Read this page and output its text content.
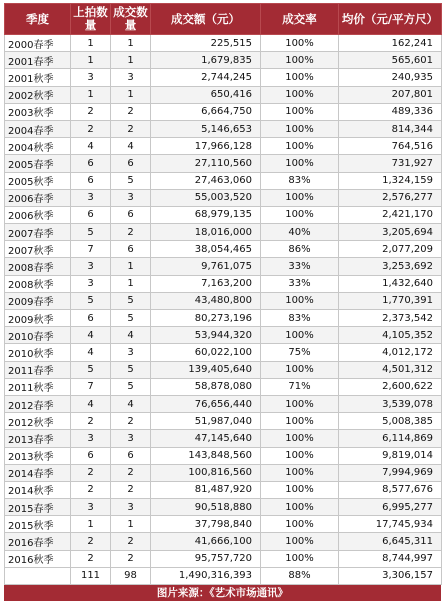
季度	上拍数量	成交数量	成交额（元）	成交率	均价（元/平方尺）
2000春季	1	1	225,515	100%	162,241
2001春季	1	1	1,679,835	100%	565,601
2001秋季	3	3	2,744,245	100%	240,935
2002秋季	1	1	650,416	100%	207,801
2003秋季	2	2	6,664,750	100%	489,336
2004春季	2	2	5,146,653	100%	814,344
2004秋季	4	4	17,966,128	100%	764,516
2005春季	6	6	27,110,560	100%	731,927
2005秋季	6	5	27,463,060	83%	1,324,159
2006春季	3	3	55,003,520	100%	2,576,277
2006秋季	6	6	68,979,135	100%	2,421,170
2007春季	5	2	18,016,000	40%	3,205,694
2007秋季	7	6	38,054,465	86%	2,077,209
2008春季	3	1	9,761,075	33%	3,253,692
2008秋季	3	1	7,163,200	33%	1,432,640
2009春季	5	5	43,480,800	100%	1,770,391
2009秋季	6	5	80,273,196	83%	2,373,542
2010春季	4	4	53,944,320	100%	4,105,352
2010秋季	4	3	60,022,100	75%	4,012,172
2011春季	5	5	139,405,640	100%	4,501,312
2011秋季	7	5	58,878,080	71%	2,600,622
2012春季	4	4	76,656,440	100%	3,539,078
2012秋季	2	2	51,987,040	100%	5,008,385
2013春季	3	3	47,145,640	100%	6,114,869
2013秋季	6	6	143,848,560	100%	9,819,014
2014春季	2	2	100,816,560	100%	7,994,969
2014秋季	2	2	81,487,920	100%	8,577,676
2015春季	3	3	90,518,880	100%	6,995,277
2015秋季	1	1	37,798,840	100%	17,745,934
2016春季	2	2	41,666,100	100%	6,645,311
2016秋季	2	2	95,757,720	100%	8,744,997
	111	98	1,490,316,393	88%	3,306,157
图片来源：《艺术市场通讯》
